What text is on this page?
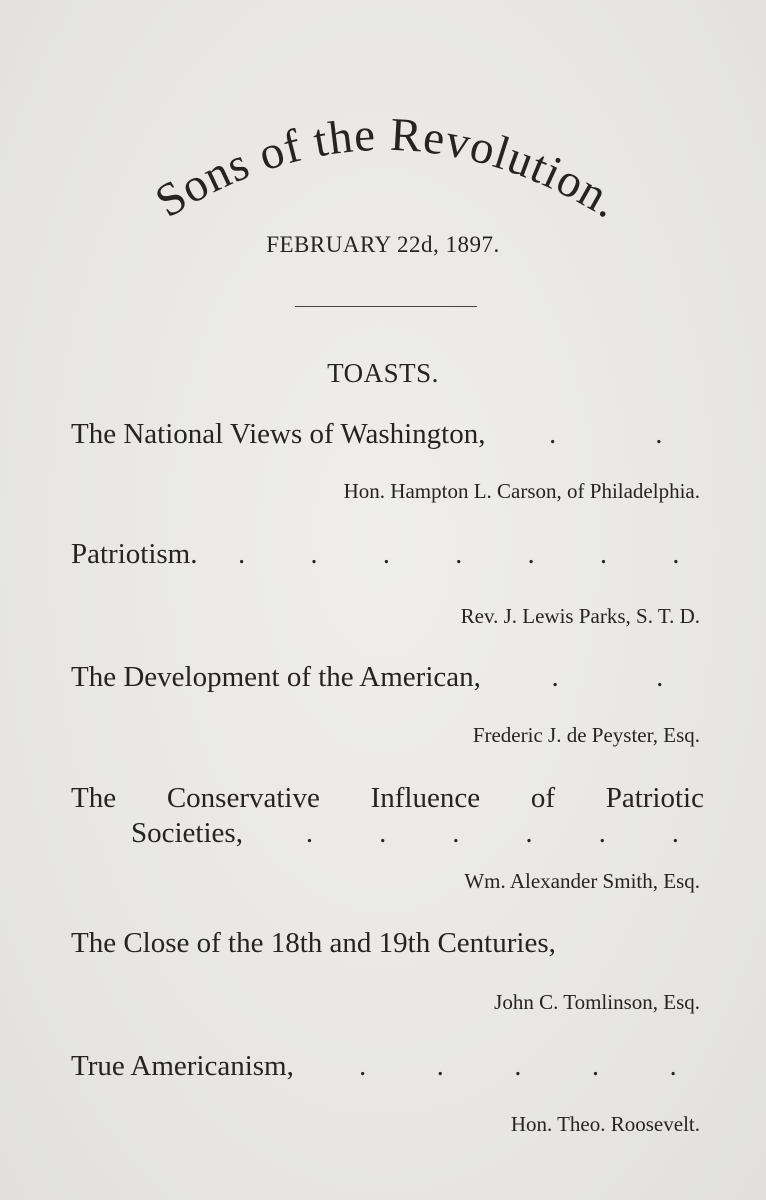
Sons of the Revolution.
FEBRUARY 22d, 1897.
TOASTS.
The National Views of Washington, .	.
Hon. Hampton L. Carson, of Philadelphia.
Patriotism. . . . . . . .
Rev. J. Lewis Parks, S. T. D.
The Development of the American,	.	.
Frederic J. de Peyster, Esq.
The Conservative Influence of Patriotic
Societies, . . . . . .
Wm. Alexander Smith, Esq.
The Close of the 18th and 19th Centuries,
John C. Tomlinson, Esq.
True Americanism, .	.	.	.	.
Hon. Theo. Roosevelt.
